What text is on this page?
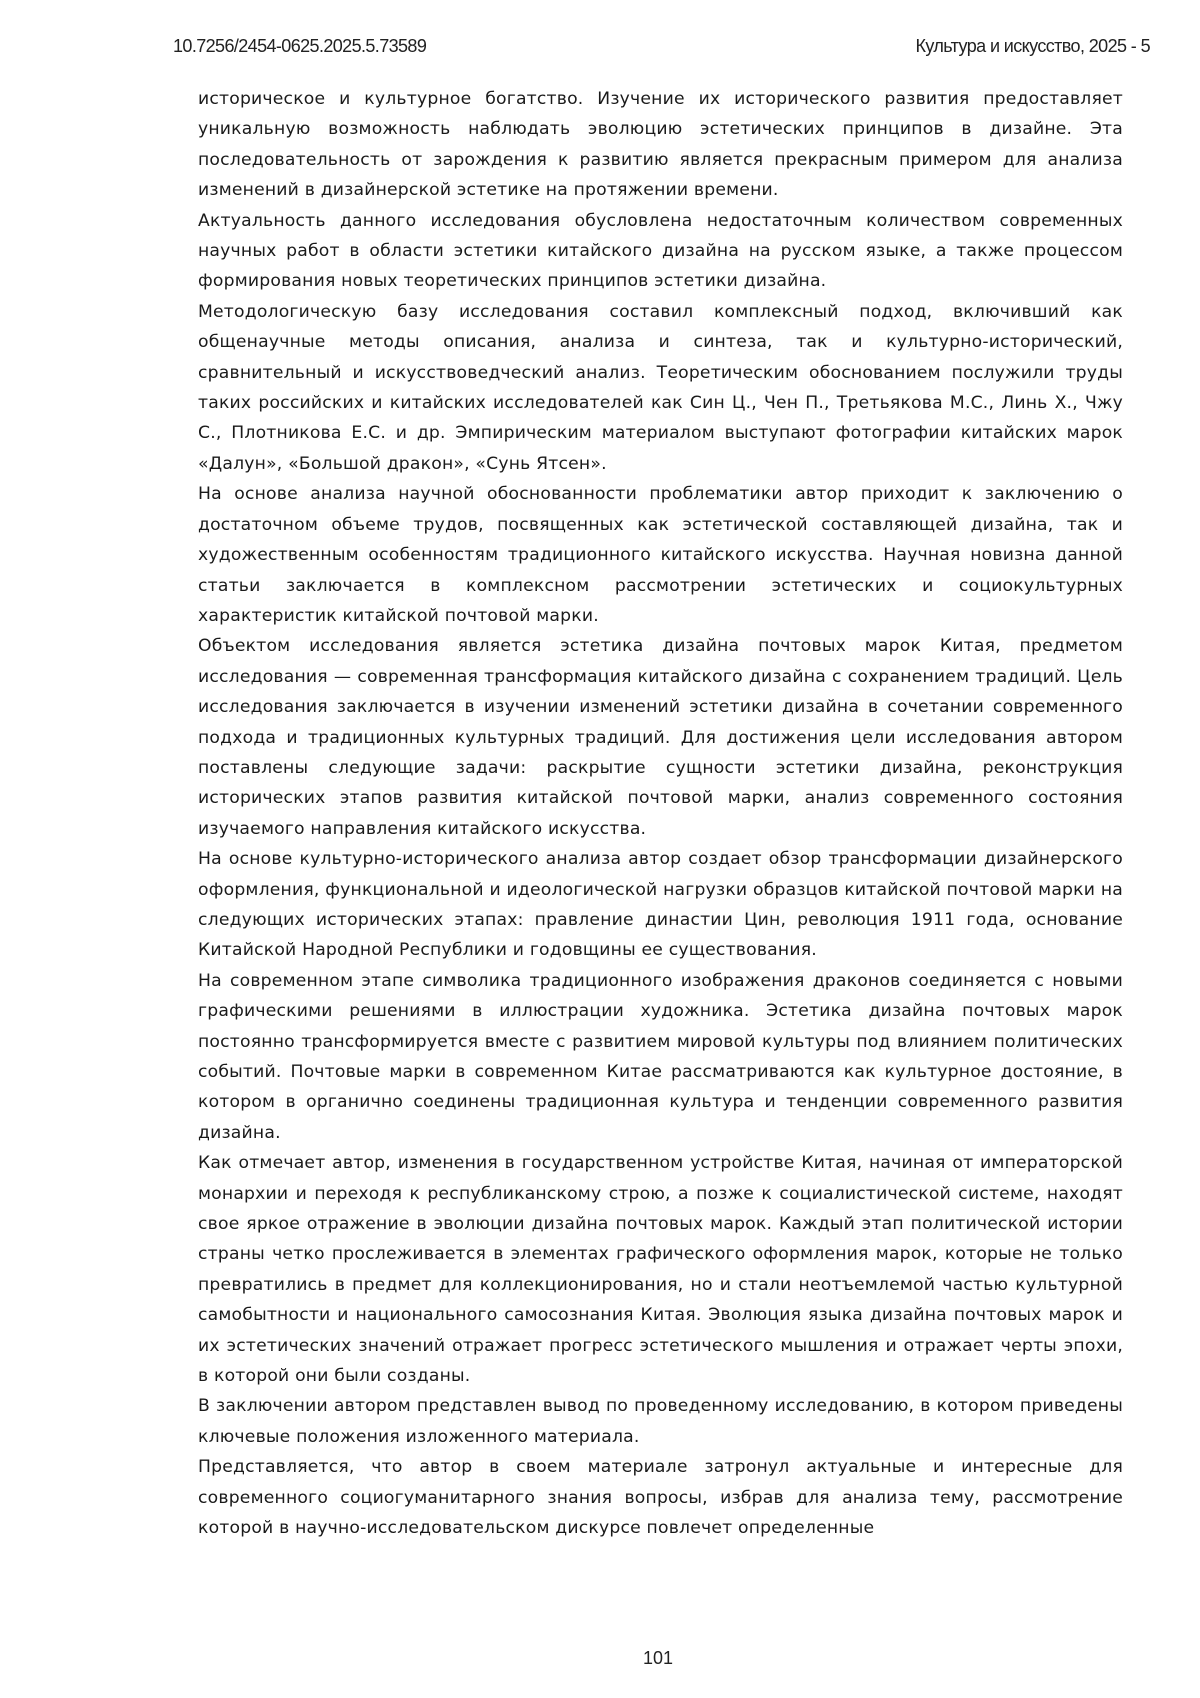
10.7256/2454-0625.2025.5.73589	Культура и искусство, 2025 - 5

историческое и культурное богатство. Изучение их исторического развития предоставляет уникальную возможность наблюдать эволюцию эстетических принципов в дизайне. Эта последовательность от зарождения к развитию является прекрасным примером для анализа изменений в дизайнерской эстетике на протяжении времени.

Актуальность данного исследования обусловлена недостаточным количеством современных научных работ в области эстетики китайского дизайна на русском языке, а также процессом формирования новых теоретических принципов эстетики дизайна.

Методологическую базу исследования составил комплексный подход, включивший как общенаучные методы описания, анализа и синтеза, так и культурно-исторический, сравнительный и искусствоведческий анализ. Теоретическим обоснованием послужили труды таких российских и китайских исследователей как Син Ц., Чен П., Третьякова М.С., Линь Х., Чжу С., Плотникова Е.С. и др. Эмпирическим материалом выступают фотографии китайских марок «Далун», «Большой дракон», «Сунь Ятсен».

На основе анализа научной обоснованности проблематики автор приходит к заключению о достаточном объеме трудов, посвященных как эстетической составляющей дизайна, так и художественным особенностям традиционного китайского искусства. Научная новизна данной статьи заключается в комплексном рассмотрении эстетических и социокультурных характеристик китайской почтовой марки.

Объектом исследования является эстетика дизайна почтовых марок Китая, предметом исследования — современная трансформация китайского дизайна с сохранением традиций. Цель исследования заключается в изучении изменений эстетики дизайна в сочетании современного подхода и традиционных культурных традиций. Для достижения цели исследования автором поставлены следующие задачи: раскрытие сущности эстетики дизайна, реконструкция исторических этапов развития китайской почтовой марки, анализ современного состояния изучаемого направления китайского искусства.

На основе культурно-исторического анализа автор создает обзор трансформации дизайнерского оформления, функциональной и идеологической нагрузки образцов китайской почтовой марки на следующих исторических этапах: правление династии Цин, революция 1911 года, основание Китайской Народной Республики и годовщины ее существования.

На современном этапе символика традиционного изображения драконов соединяется с новыми графическими решениями в иллюстрации художника. Эстетика дизайна почтовых марок постоянно трансформируется вместе с развитием мировой культуры под влиянием политических событий. Почтовые марки в современном Китае рассматриваются как культурное достояние, в котором в органично соединены традиционная культура и тенденции современного развития дизайна.

Как отмечает автор, изменения в государственном устройстве Китая, начиная от императорской монархии и переходя к республиканскому строю, а позже к социалистической системе, находят свое яркое отражение в эволюции дизайна почтовых марок. Каждый этап политической истории страны четко прослеживается в элементах графического оформления марок, которые не только превратились в предмет для коллекционирования, но и стали неотъемлемой частью культурной самобытности и национального самосознания Китая. Эволюция языка дизайна почтовых марок и их эстетических значений отражает прогресс эстетического мышления и отражает черты эпохи, в которой они были созданы.

В заключении автором представлен вывод по проведенному исследованию, в котором приведены ключевые положения изложенного материала.

Представляется, что автор в своем материале затронул актуальные и интересные для современного социогуманитарного знания вопросы, избрав для анализа тему, рассмотрение которой в научно-исследовательском дискурсе повлечет определенные

101
